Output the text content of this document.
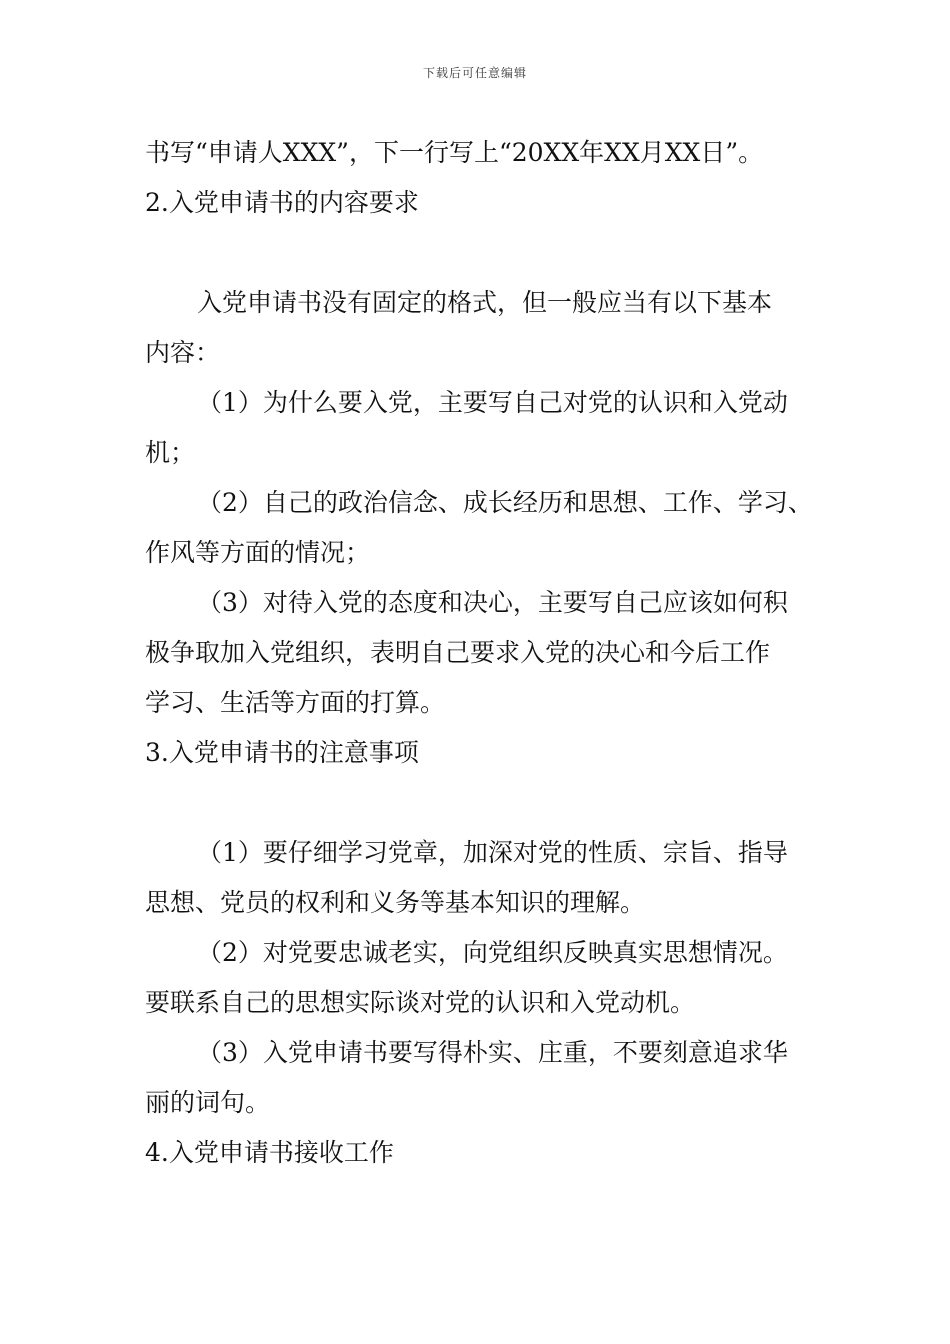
下载后可任意编辑
书写“申请人XXX”，下一行写上“20XX年XX月XX日”。
2.入党申请书的内容要求
入党申请书没有固定的格式，但一般应当有以下基本
内容：
（1）为什么要入党，主要写自己对党的认识和入党动
机；
（2）自己的政治信念、成长经历和思想、工作、学习、
作风等方面的情况；
（3）对待入党的态度和决心，主要写自己应该如何积
极争取加入党组织，表明自己要求入党的决心和今后工作
学习、生活等方面的打算。
3.入党申请书的注意事项
（1）要仔细学习党章，加深对党的性质、宗旨、指导
思想、党员的权利和义务等基本知识的理解。
（2）对党要忠诚老实，向党组织反映真实思想情况。
要联系自己的思想实际谈对党的认识和入党动机。
（3）入党申请书要写得朴实、庄重，不要刻意追求华
丽的词句。
4.入党申请书接收工作
